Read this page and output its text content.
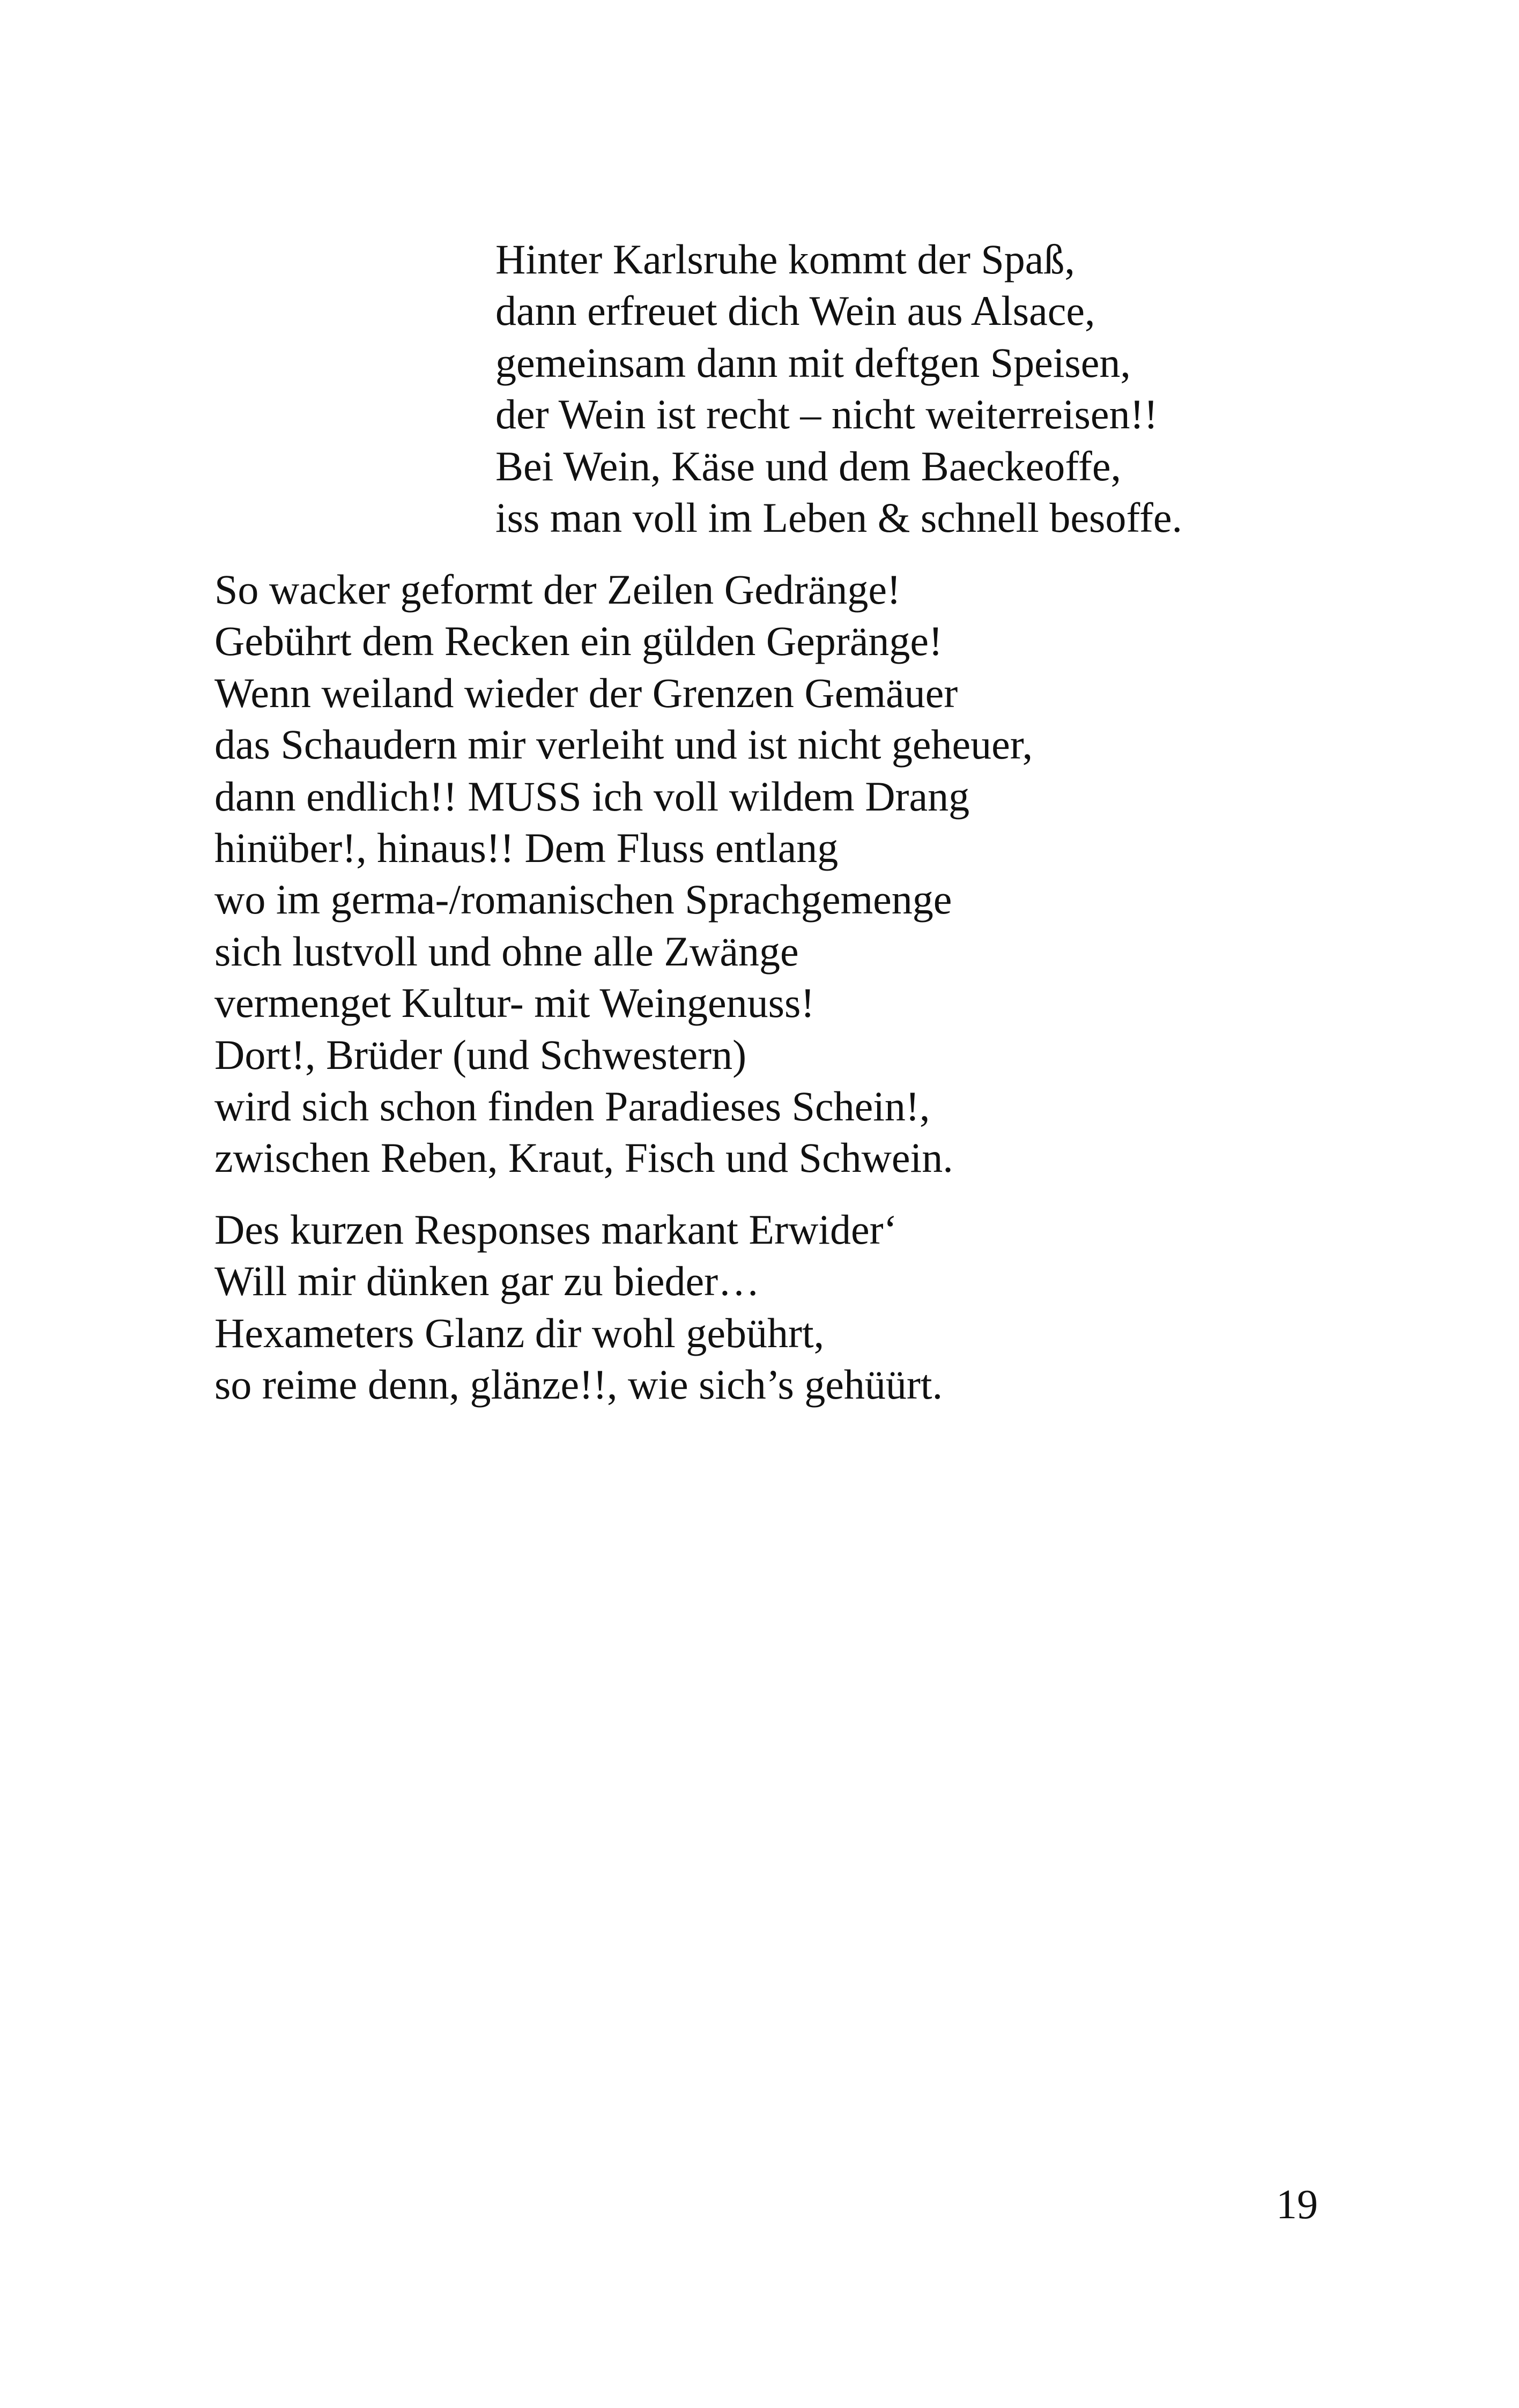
Hinter Karlsruhe kommt der Spaß,
dann erfreuet dich Wein aus Alsace,
gemeinsam dann mit deftgen Speisen,
der Wein ist recht – nicht weiterreisen!!
Bei Wein, Käse und dem Baeckeoffe,
iss man voll im Leben & schnell besoffe.
So wacker geformt der Zeilen Gedränge!
Gebührt dem Recken ein gülden Gepränge!
Wenn weiland wieder der Grenzen Gemäuer
das Schaudern mir verleiht und ist nicht geheuer,
dann endlich!! MUSS ich voll wildem Drang
hinüber!, hinaus!! Dem Fluss entlang
wo im germa-/romanischen Sprachgemenge
sich lustvoll und ohne alle Zwänge
vermenget Kultur- mit Weingenuss!
Dort!, Brüder (und Schwestern)
wird sich schon finden Paradieses Schein!,
zwischen Reben, Kraut, Fisch und Schwein.
Des kurzen Responses markant Erwider‘
Will mir dünken gar zu bieder…
Hexameters Glanz dir wohl gebührt,
so reime denn, glänze!!, wie sich’s gehüürt.
19
